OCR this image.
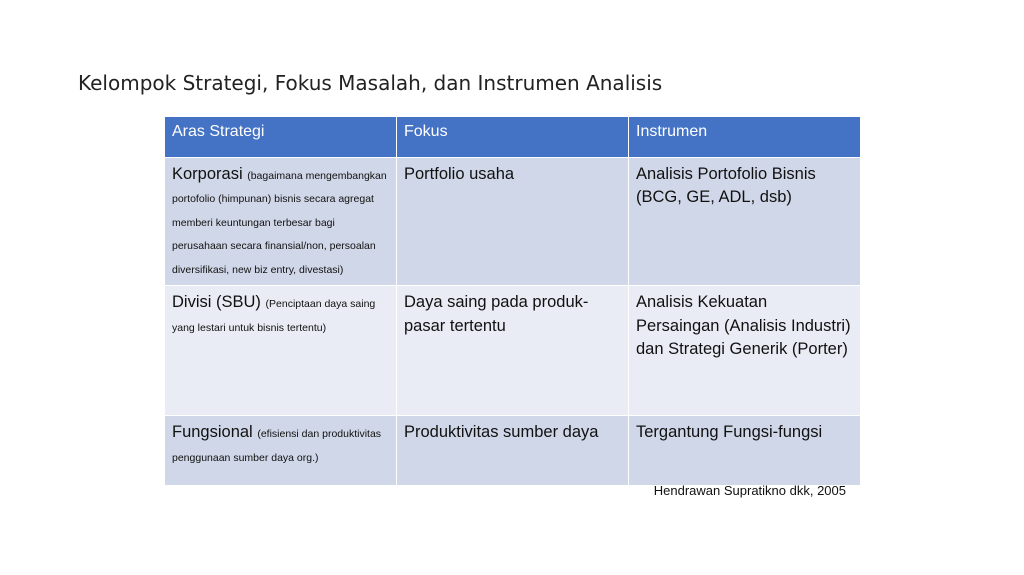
Kelompok Strategi, Fokus Masalah, dan Instrumen Analisis
Aras Strategi	Fokus	Instrumen
Korporasi (bagaimana mengembangkan portofolio (himpunan) bisnis secara agregat memberi keuntungan terbesar bagi perusahaan secara finansial/non, persoalan diversifikasi, new biz entry, divestasi)	Portfolio usaha	Analisis Portofolio Bisnis (BCG, GE, ADL, dsb)
Divisi (SBU) (Penciptaan daya saing yang lestari untuk bisnis tertentu)	Daya saing pada produk-pasar tertentu	Analisis Kekuatan Persaingan (Analisis Industri) dan Strategi Generik (Porter)
Fungsional (efisiensi dan produktivitas penggunaan sumber daya org.)	Produktivitas sumber daya	Tergantung Fungsi-fungsi
Hendrawan Supratikno dkk, 2005
